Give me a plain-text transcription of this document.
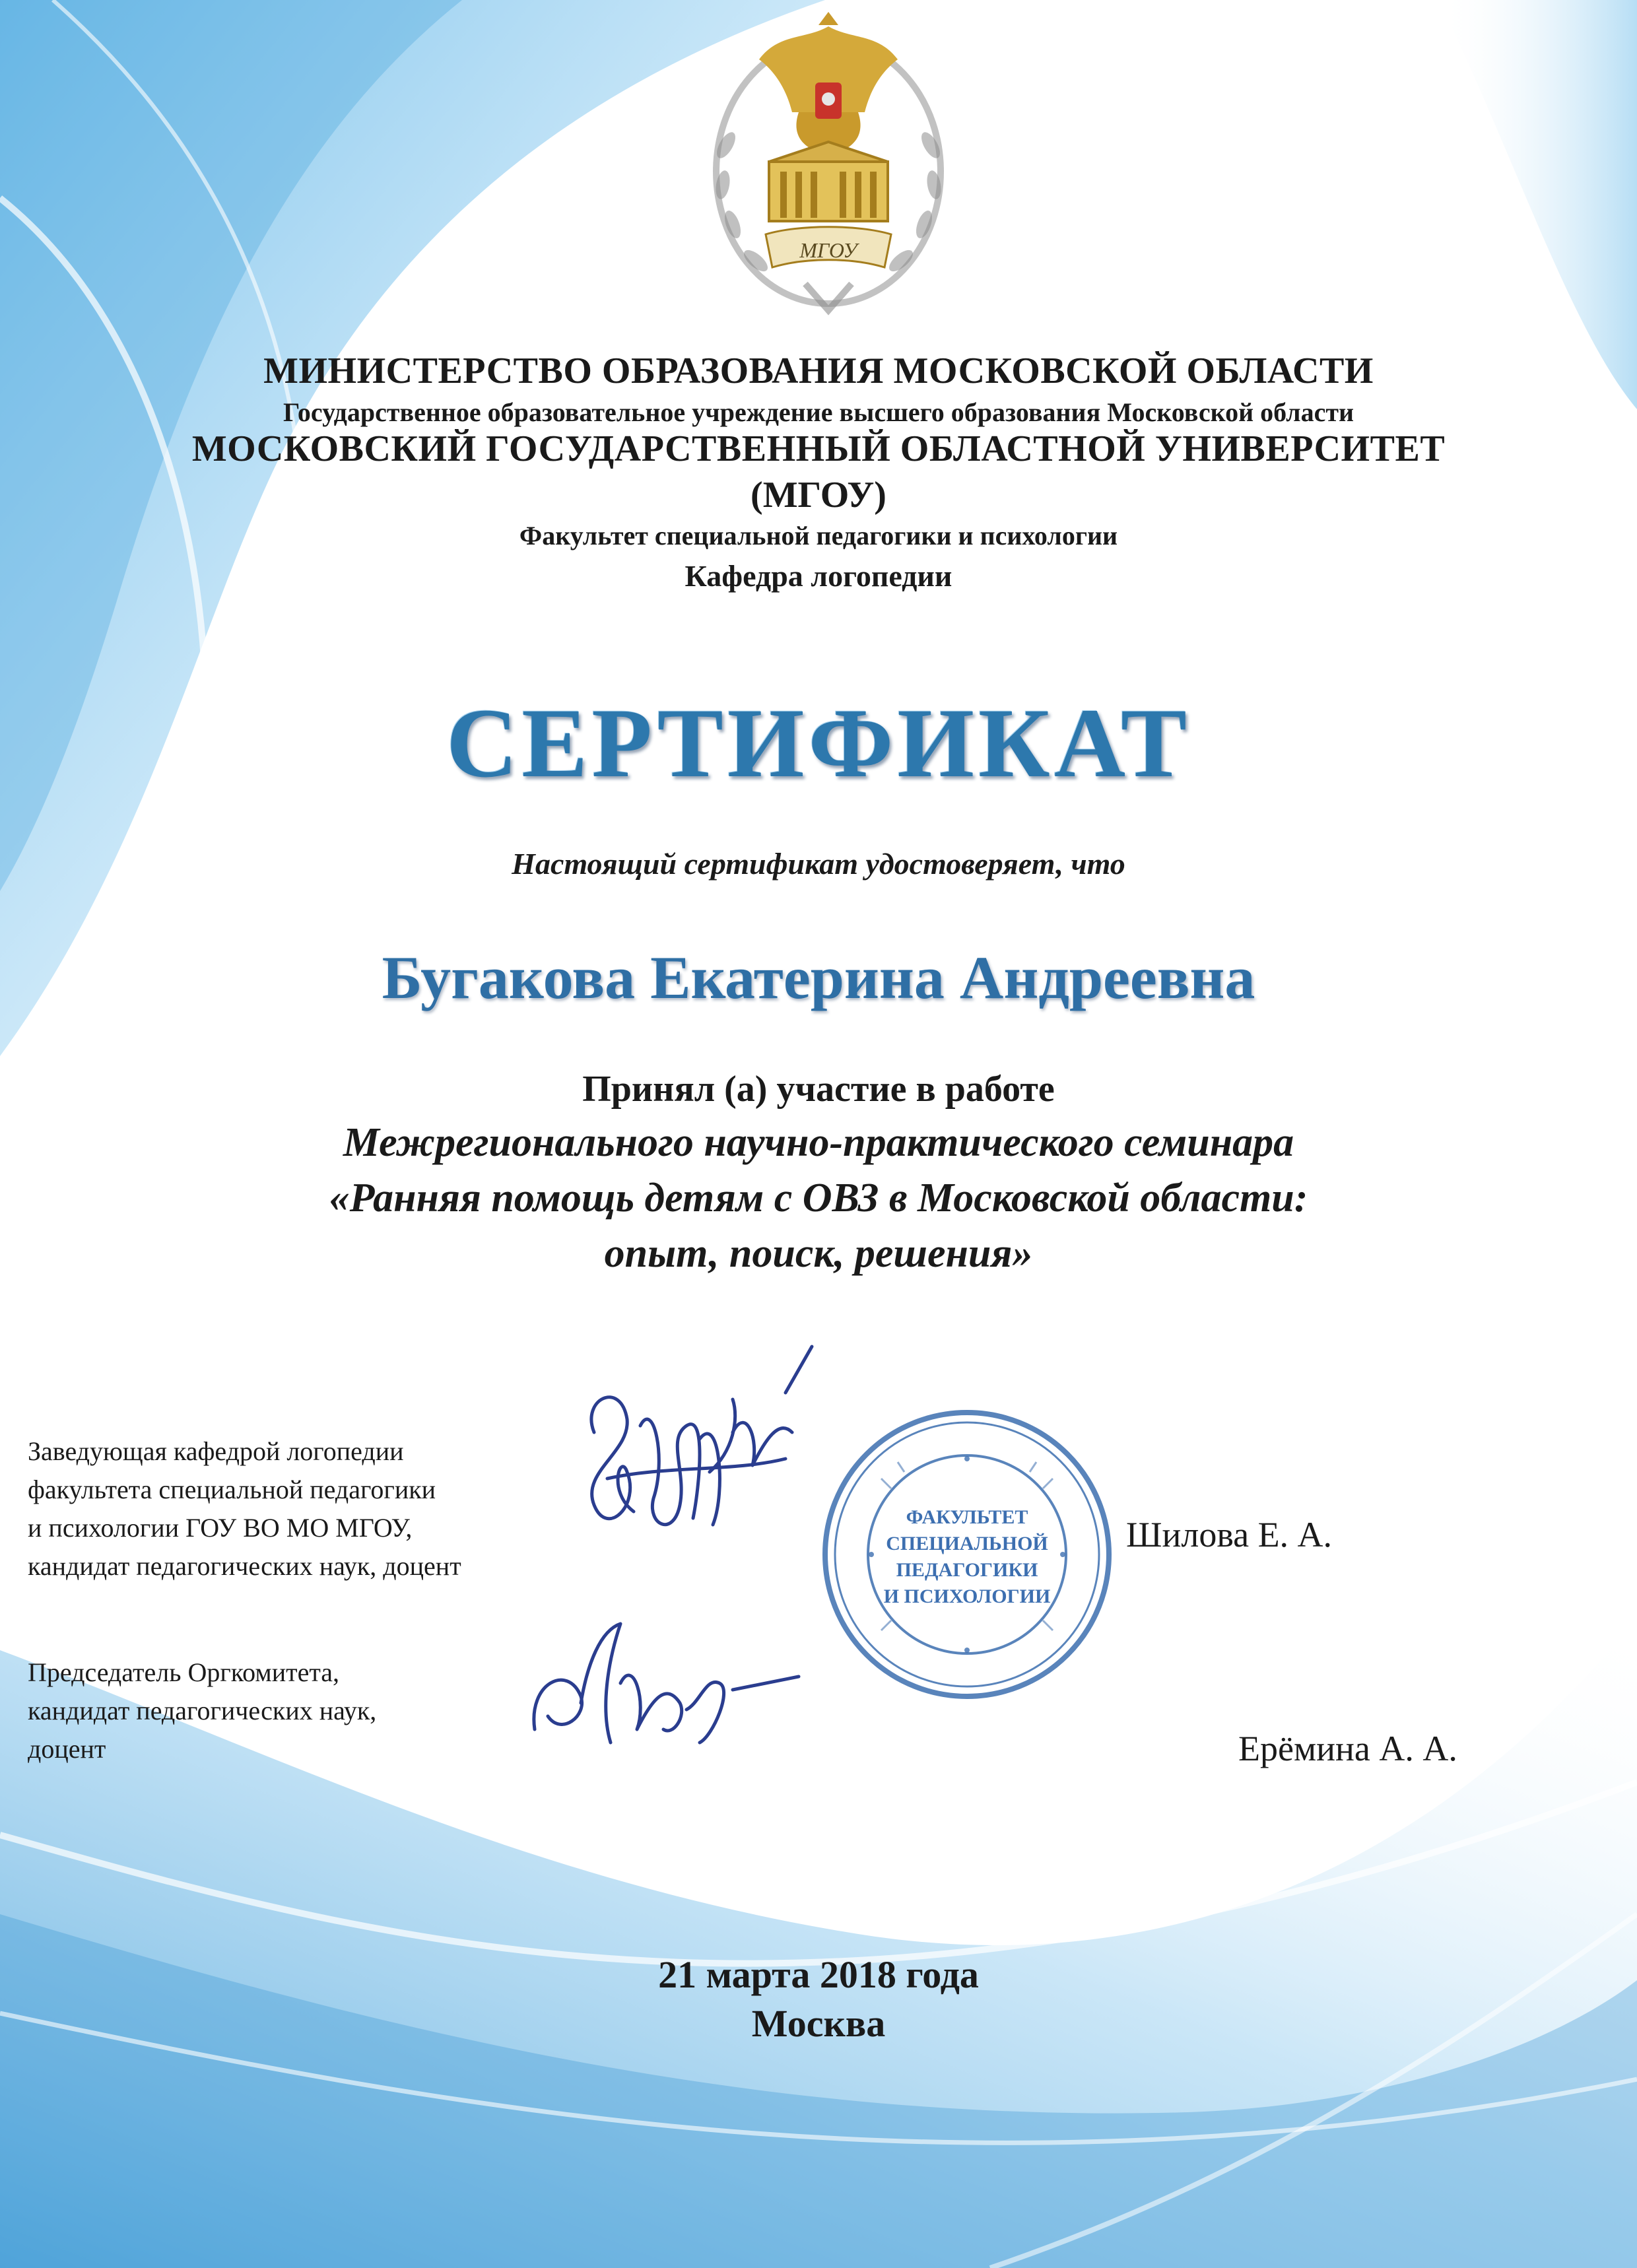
МГОУ
МИНИСТЕРСТВО ОБРАЗОВАНИЯ МОСКОВСКОЙ ОБЛАСТИ
Государственное образовательное учреждение высшего образования Московской области
МОСКОВСКИЙ ГОСУДАРСТВЕННЫЙ ОБЛАСТНОЙ УНИВЕРСИТЕТ
(МГОУ)
Факультет специальной педагогики и психологии
Кафедра логопедии
СЕРТИФИКАТ
Настоящий сертификат удостоверяет, что
Бугакова Екатерина Андреевна
Принял (а) участие в работе
Межрегионального научно-практического семинара
«Ранняя помощь детям с ОВЗ в Московской области:
опыт, поиск, решения»
Заведующая кафедрой логопедии
факультета специальной педагогики
и психологии ГОУ ВО МО МГОУ,
кандидат педагогических наук, доцент
Шилова Е. А.
Председатель Оргкомитета,
кандидат педагогических наук,
доцент	Ерёмина А. А.
ФАКУЛЬТЕТ
СПЕЦИАЛЬНОЙ
ПЕДАГОГИКИ
И ПСИХОЛОГИИ
21 марта 2018 года
Москва
